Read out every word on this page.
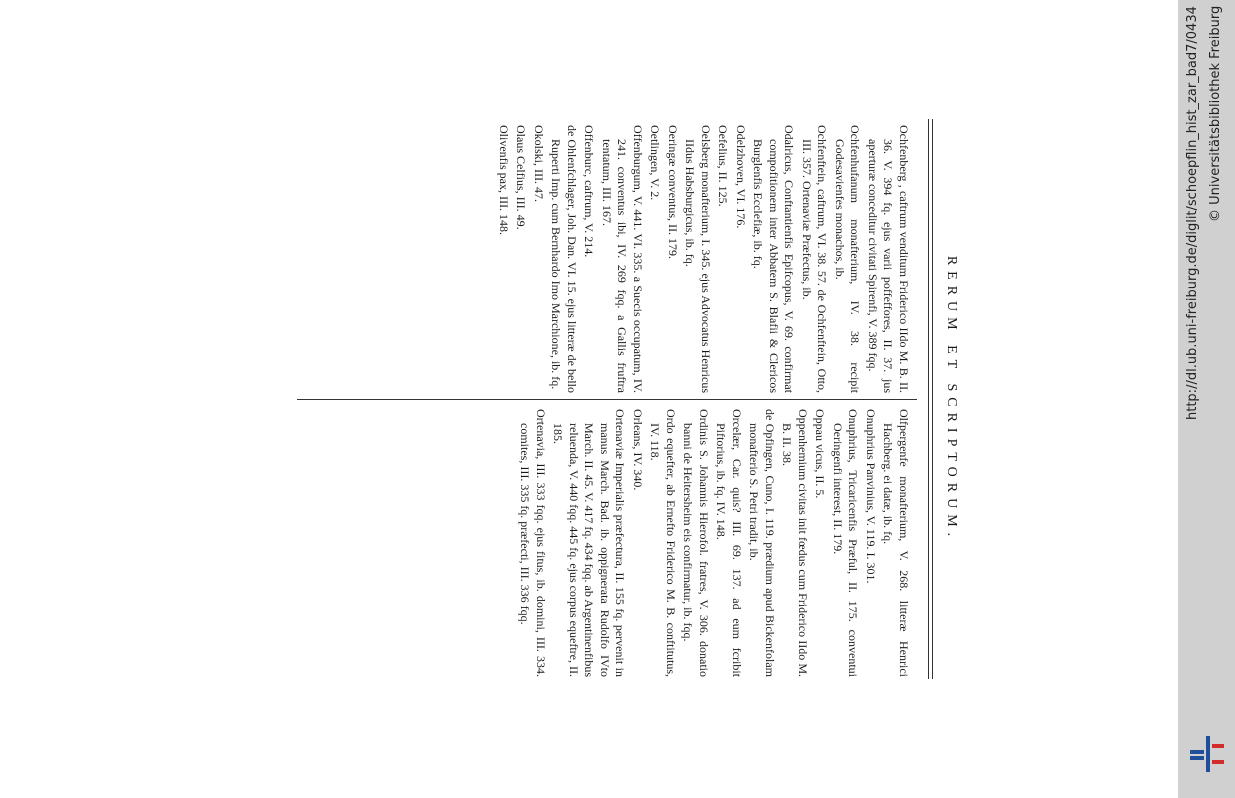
RERUM ET SCRIPTORUM.

Ochfenberg , caftrum venditum Friderico IIdo M. B. II. 36. V. 394 fq. ejus varii poffeffores, II. 37. jus aperturæ conceditur civitati Spirenfi, V. 389 fqq.

Ochfenhufanum monafterium, IV. 38. recipit Godesavienfes monachos, ib.

Ochfenftein, caftrum, VI. 38. 57. de Ochfenftein, Otto, III. 357. Ortenaviæ Præfectus, ib.

Odalricus, Conftantienfis Epifcopus, V. 69. confirmat compofitionem inter Abbatem S. Blafii & Clericos Burglenfis Ecclefiæ, ib. fq.

Odelzhoven, VI. 176.

Oefelius, II. 125.

Oelsberg monafterium, I. 345. ejus Advocatus Henricus IIdus Habsburgicus, ib. fq.

Oeringæ conventus, II. 179.

Oetlingen, V. 2.

Offenburgum, V. 441. VI. 335. a Suecis occupatum, IV. 241. conventus ibi, IV. 269 fqq. a Gallis fruftra tentatum, III. 167.

Offenburc, caftrum, V. 214.

de Ohlenfchlager, Joh. Dan. VI. 15. ejus litteræ de bello Ruperti Imp. cum Bernhardo Imo Marchione, ib. fq.

Okolski, III. 47.

Olaus Celfius, III. 49.

Olivenfis pax, III. 148.

Olfpergenfe monafterium, V. 268. litteræ Henrici Hachberg. ei datæ, ib. fq.

Onuphrius Panvinius, V. 119. I. 301.

Onuphrius, Tricaricenfis Præful, II. 175. conventui Oeringenfi interest, II. 179.

Oppau vicus, II. 5.

Oppenhemium civitas init fœdus cum Friderico IIdo M. B. II. 38.

de Opfingen, Cuno, I. 119. prædium apud Bickenfolam monafterio S. Petri tradit, ib.

Orcelær, Car. quis? III. 69. 137. ad eum fcribit Piftorius, ib. fq. IV. 148.

Ordinis S. Johannis Hierofol. fratres, V. 306. donatio banni de Heitersheim eis confirmatur, ib. fqq.

Ordo equefter, ab Ernefto Friderico M. B. conftitutus, IV. 118.

Orleans, IV. 340.

Ortenaviæ Imperialis præfectura, II. 155 fq. pervenit in manus March. Bad. ib. oppignerata Rudolfo IVto March. II. 45. V. 417 fq. 434 fqq. ab Argentinenfibus reluenda, V. 440 fqq. 445 fq. ejus corpus equeftre, II. 185.

Ortenavia, III. 333 fqq. ejus fitus, ib. domini, III. 334. comites, III. 335 fq. præfecti, III. 336 fqq.

http://dl.ub.uni-freiburg.de/diglit/schoepflin_hist_zar_bad7/0434 © Universitätsbibliothek Freiburg
